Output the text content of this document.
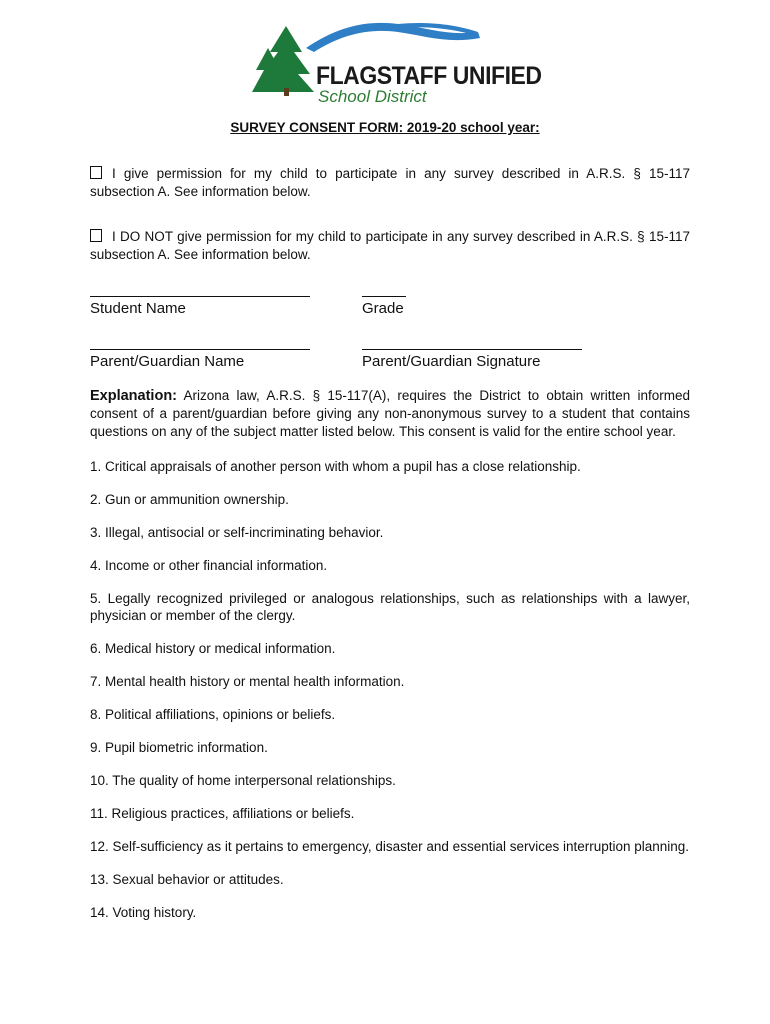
FLAGSTAFF UNIFIED
School District
SURVEY CONSENT FORM: 2019-20 school year:
I give permission for my child to participate in any survey described in A.R.S. § 15-117 subsection A. See information below.
I DO NOT give permission for my child to participate in any survey described in A.R.S. § 15-117 subsection A. See information below.
Student Name	Grade
Parent/Guardian Name	Parent/Guardian Signature
Explanation: Arizona law, A.R.S. § 15-117(A), requires the District to obtain written informed consent of a parent/guardian before giving any non-anonymous survey to a student that contains questions on any of the subject matter listed below. This consent is valid for the entire school year.
1. Critical appraisals of another person with whom a pupil has a close relationship.
2. Gun or ammunition ownership.
3. Illegal, antisocial or self-incriminating behavior.
4. Income or other financial information.
5. Legally recognized privileged or analogous relationships, such as relationships with a lawyer, physician or member of the clergy.
6. Medical history or medical information.
7. Mental health history or mental health information.
8. Political affiliations, opinions or beliefs.
9. Pupil biometric information.
10. The quality of home interpersonal relationships.
11. Religious practices, affiliations or beliefs.
12. Self-sufficiency as it pertains to emergency, disaster and essential services interruption planning.
13. Sexual behavior or attitudes.
14. Voting history.
